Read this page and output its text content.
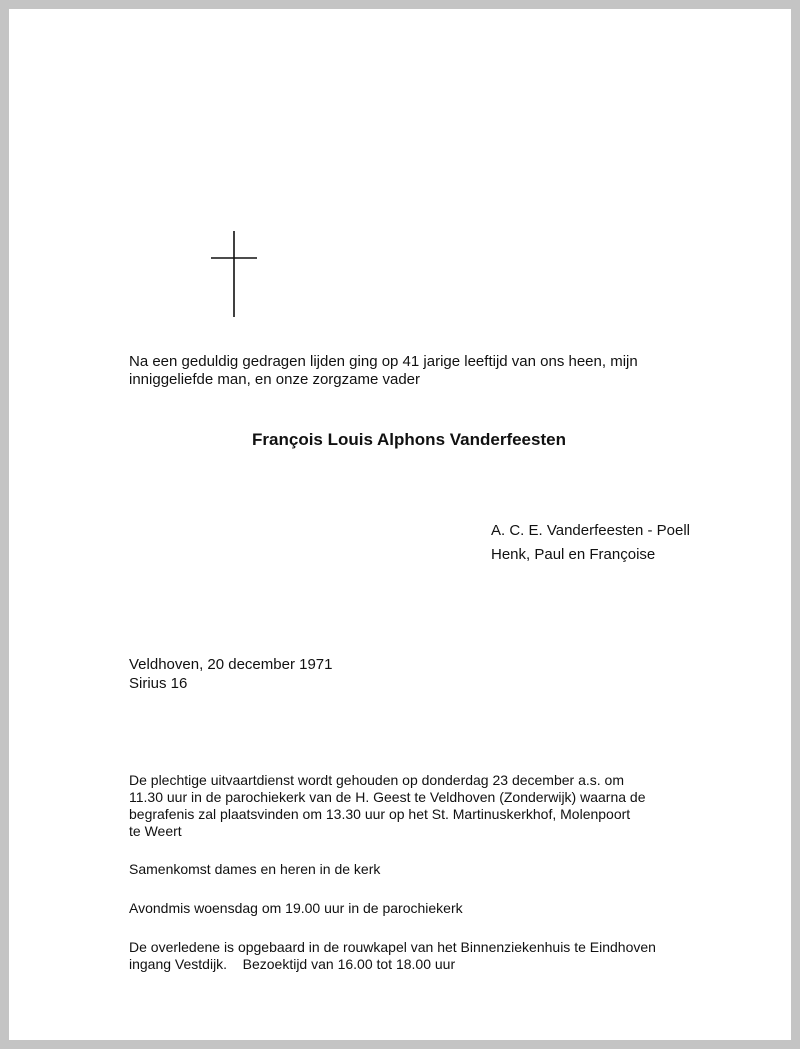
Na een geduldig gedragen lijden ging op 41 jarige leeftijd van ons heen, mijn
inniggeliefde man, en onze zorgzame vader

François Louis Alphons Vanderfeesten

A. C. E. Vanderfeesten - Poell
Henk, Paul en Françoise

Veldhoven, 20 december 1971
Sirius 16

De plechtige uitvaartdienst wordt gehouden op donderdag 23 december a.s. om
11.30 uur in de parochiekerk van de H. Geest te Veldhoven (Zonderwijk) waarna de
begrafenis zal plaatsvinden om 13.30 uur op het St. Martinuskerkhof, Molenpoort
te Weert

Samenkomst dames en heren in de kerk

Avondmis woensdag om 19.00 uur in de parochiekerk

De overledene is opgebaard in de rouwkapel van het Binnenziekenhuis te Eindhoven
ingang Vestdijk.    Bezoektijd van 16.00 tot 18.00 uur
